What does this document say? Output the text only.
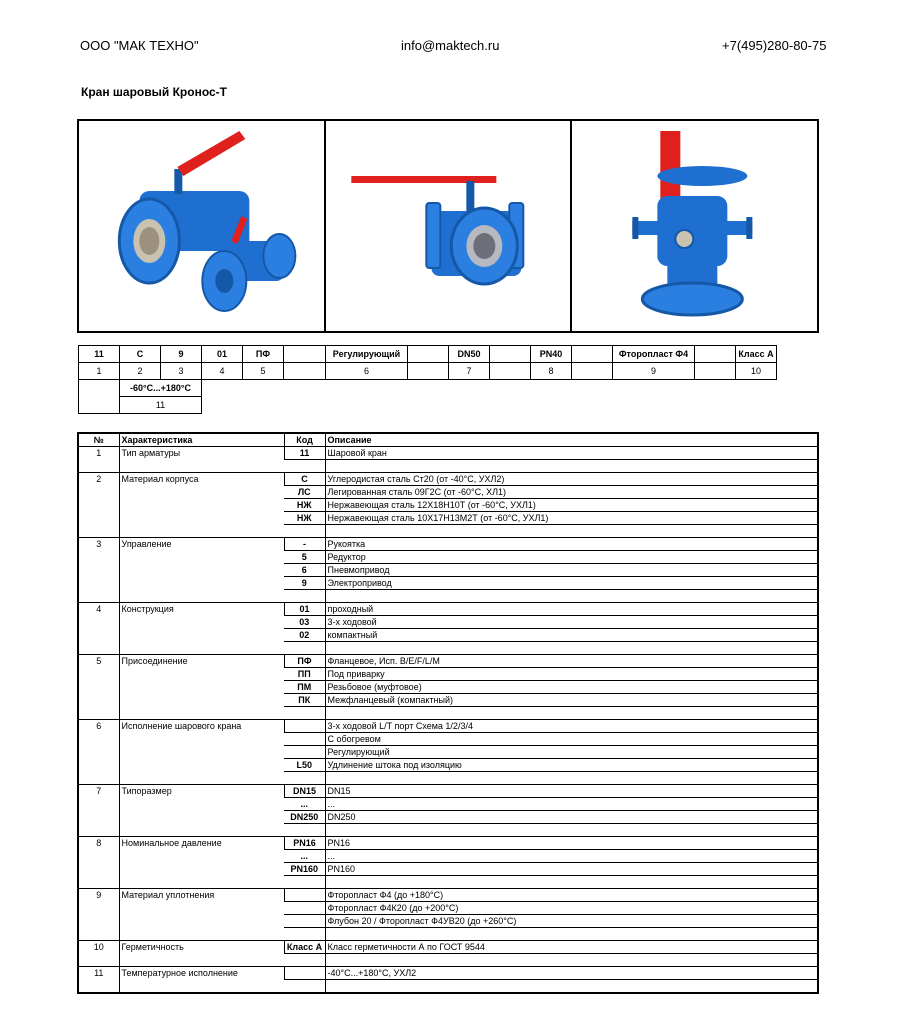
ООО "МАК ТЕХНО"	info@maktech.ru	+7(495)280-80-75
Кран шаровый Кронос-Т
11	С	9	01	ПФ		Регулирующий		DN50		PN40		Фторопласт Ф4		Класс А
1	2	3	4	5		6		7		8		9		10
	-60°С...+180°С													
	11													
№	Характеристика	Код	Описание
1	Тип арматуры	11	Шаровой кран

2	Материал корпуса	С	Углеродистая сталь Ст20 (от -40°С, УХЛ2)
		ЛС	Легированная сталь 09Г2С (от -60°С, ХЛ1)
		НЖ	Нержавеющая сталь 12Х18Н10Т (от -60°С, УХЛ1)
		НЖ	Нержавеющая сталь 10Х17Н13М2Т (от -60°С, УХЛ1)

3	Управление	-	Рукоятка
		5	Редуктор
		6	Пневмопривод
		9	Электропривод

4	Конструкция	01	проходный
		03	3-х ходовой
		02	компактный

5	Присоединение	ПФ	Фланцевое, Исп. B/E/F/L/M
		ПП	Под приварку
		ПМ	Резьбовое (муфтовое)
		ПК	Межфланцевый (компактный)

6	Исполнение шарового крана		3-х ходовой L/T порт Схема 1/2/3/4
			С обогревом
			Регулирующий
		L50	Удлинение штока под изоляцию

7	Типоразмер	DN15	DN15
		...	...
		DN250	DN250

8	Номинальное давление	PN16	PN16
		...	...
		PN160	PN160

9	Материал уплотнения		Фторопласт Ф4 (до +180°С)
			Фторопласт Ф4К20 (до +200°С)
			Флубон 20 / Фторопласт Ф4УВ20 (до +260°С)

10	Герметичность	Класс А	Класс герметичности А по ГОСТ 9544

11	Температурное исполнение		-40°С...+180°С, УХЛ2
